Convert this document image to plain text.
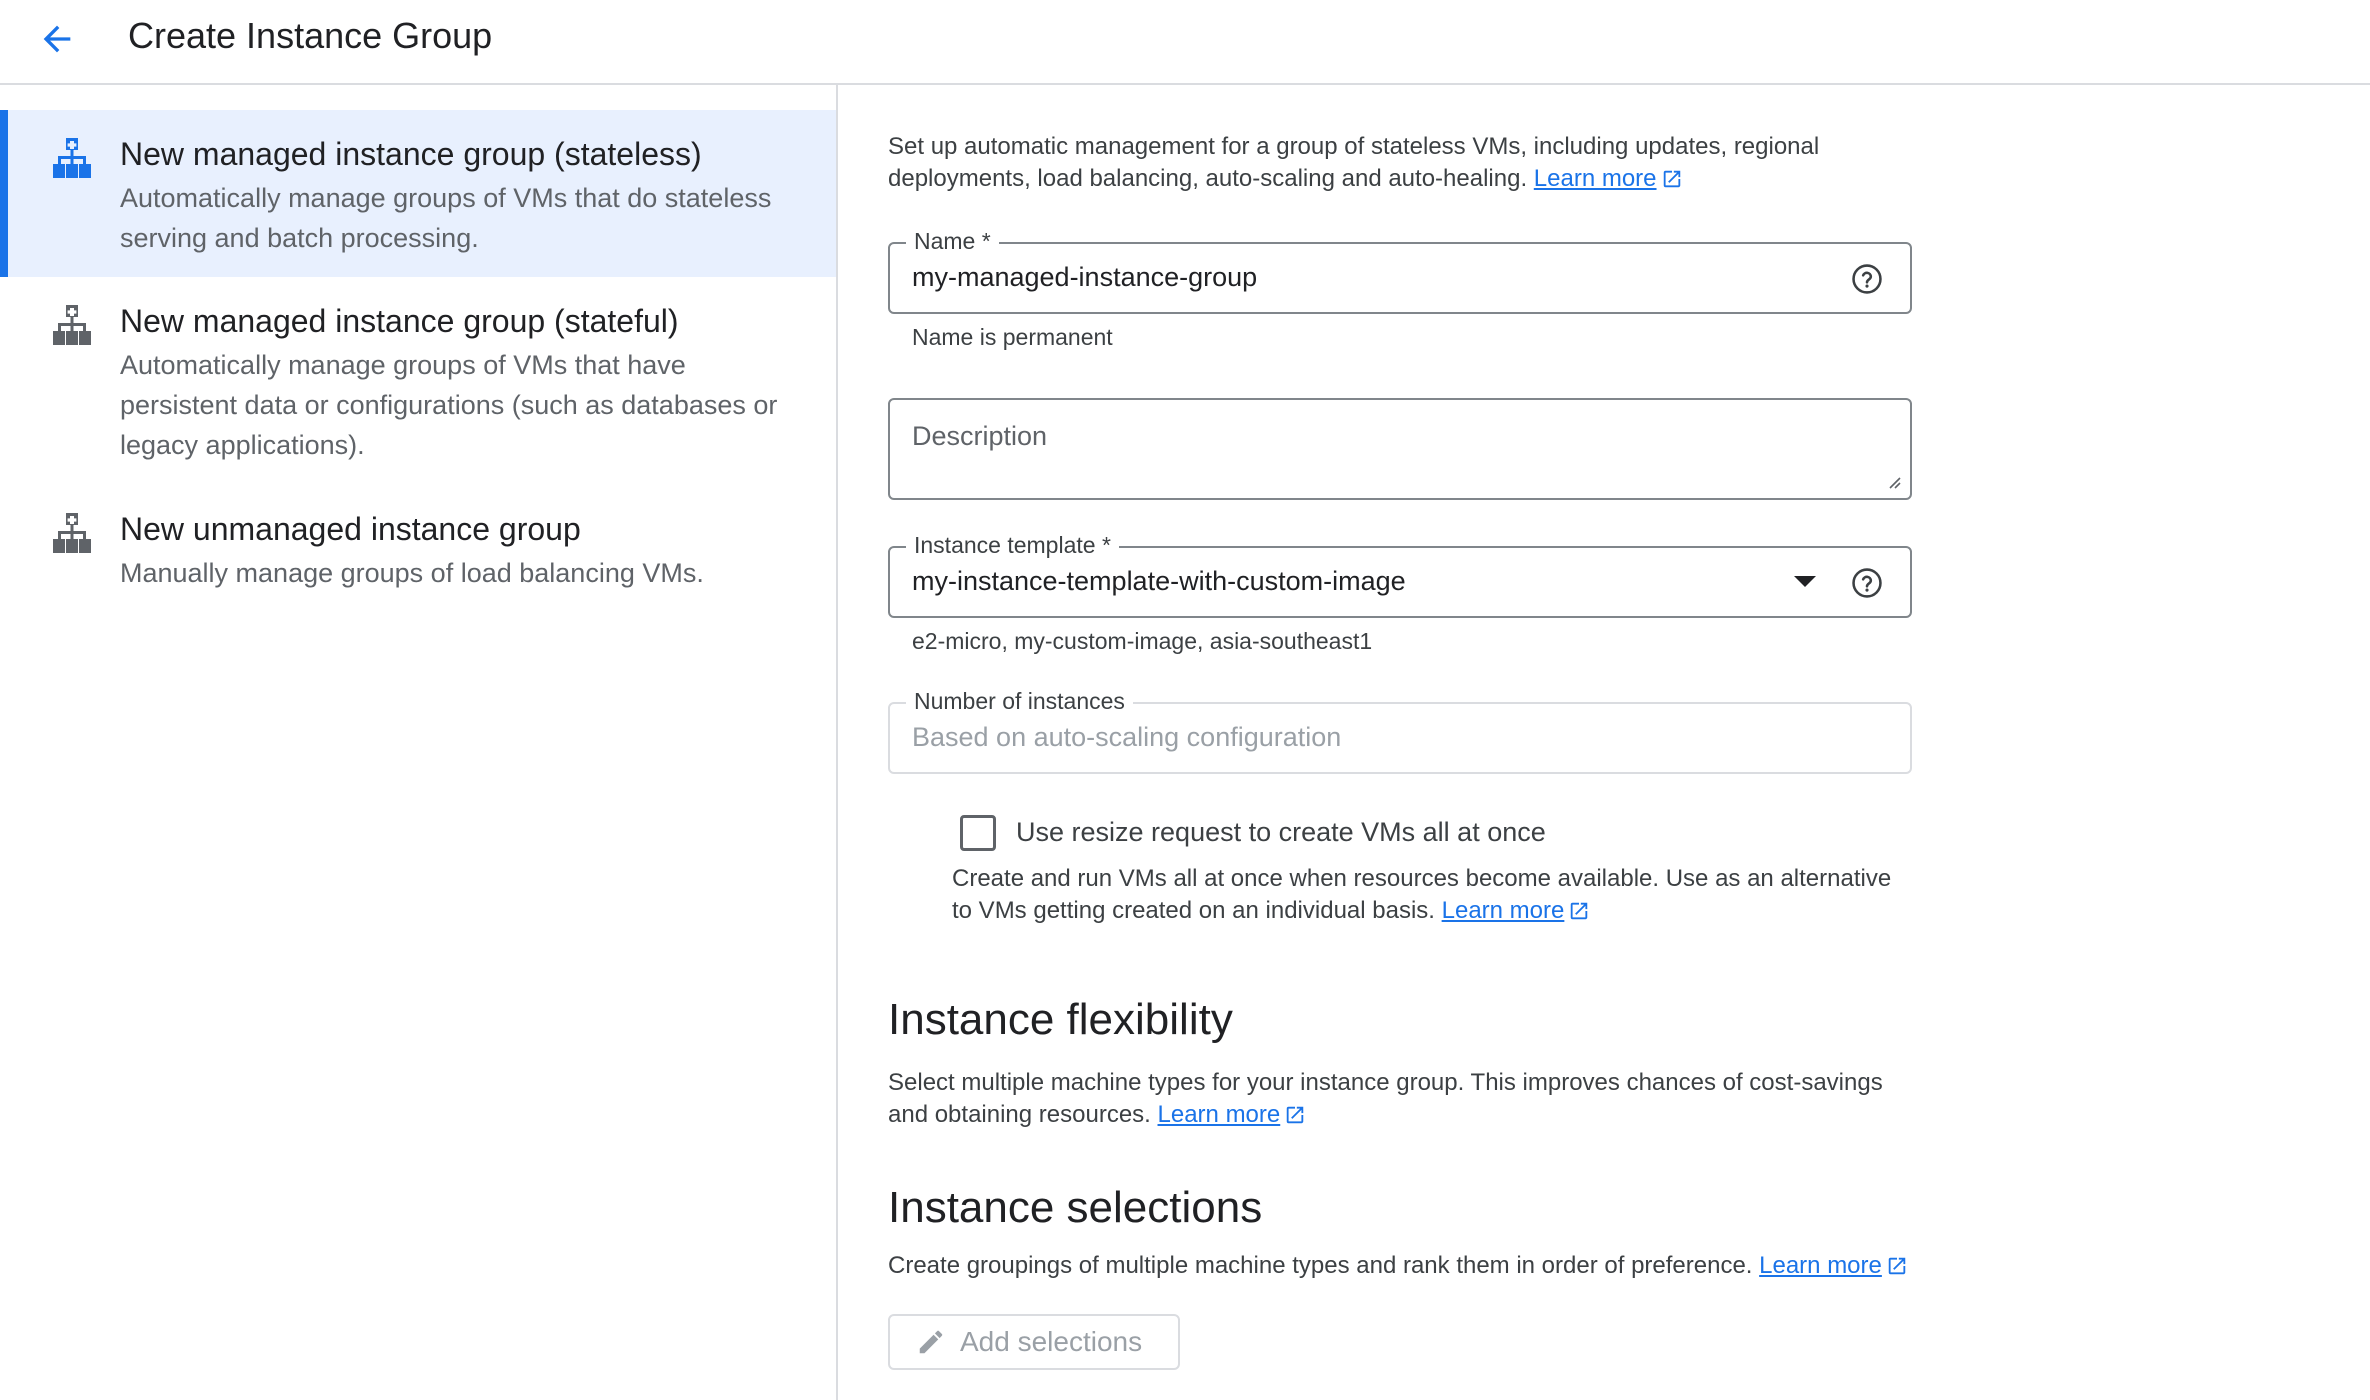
Create Instance Group
New managed instance group (stateless)
Automatically manage groups of VMs that do stateless serving and batch processing.
New managed instance group (stateful)
Automatically manage groups of VMs that have persistent data or configurations (such as databases or legacy applications).
New unmanaged instance group
Manually manage groups of load balancing VMs.
Set up automatic management for a group of stateless VMs, including updates, regional deployments, load balancing, auto-scaling and auto-healing. Learn more
Name *
my-managed-instance-group
Name is permanent
Description
Instance template *
my-instance-template-with-custom-image
e2-micro, my-custom-image, asia-southeast1
Number of instances
Based on auto-scaling configuration
Use resize request to create VMs all at once
Create and run VMs all at once when resources become available. Use as an alternative to VMs getting created on an individual basis. Learn more
Instance flexibility
Select multiple machine types for your instance group. This improves chances of cost-savings and obtaining resources. Learn more
Instance selections
Create groupings of multiple machine types and rank them in order of preference. Learn more
Add selections
